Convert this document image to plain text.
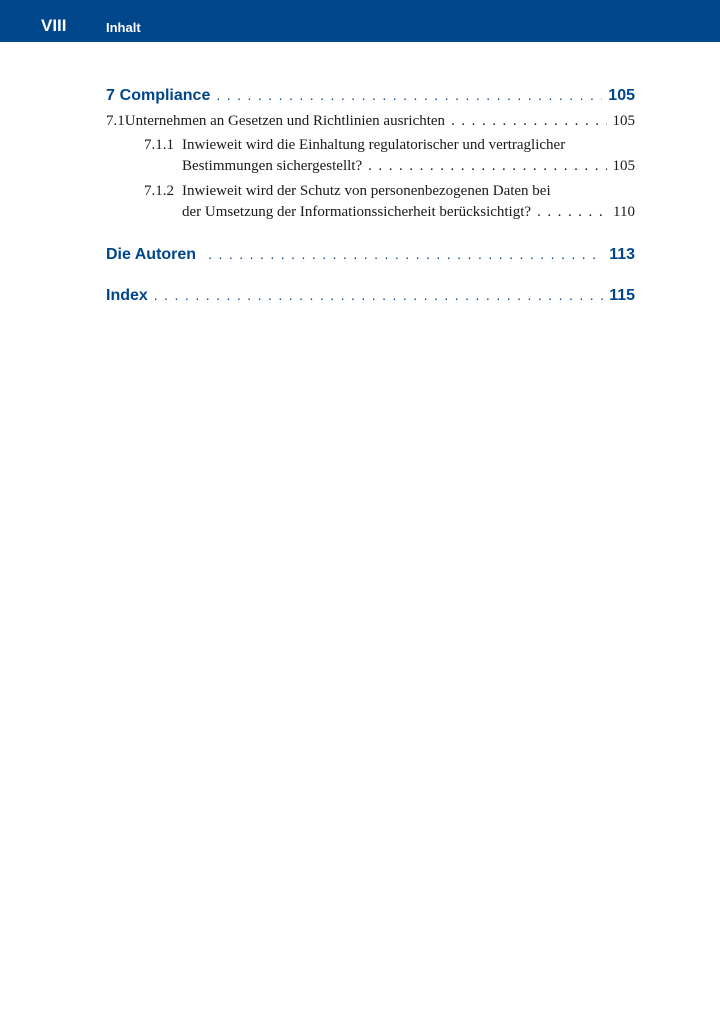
VIII	Inhalt
7 Compliance . . .	105
7.1 Unternehmen an Gesetzen und Richtlinien ausrichten . . .	105
7.1.1 Inwieweit wird die Einhaltung regulatorischer und vertraglicher
Bestimmungen sichergestellt? . . .	105
7.1.2 Inwieweit wird der Schutz von personenbezogenen Daten bei
der Umsetzung der Informationssicherheit berücksichtigt? . . .	110
Die Autoren . . .	113
Index . . .	115
